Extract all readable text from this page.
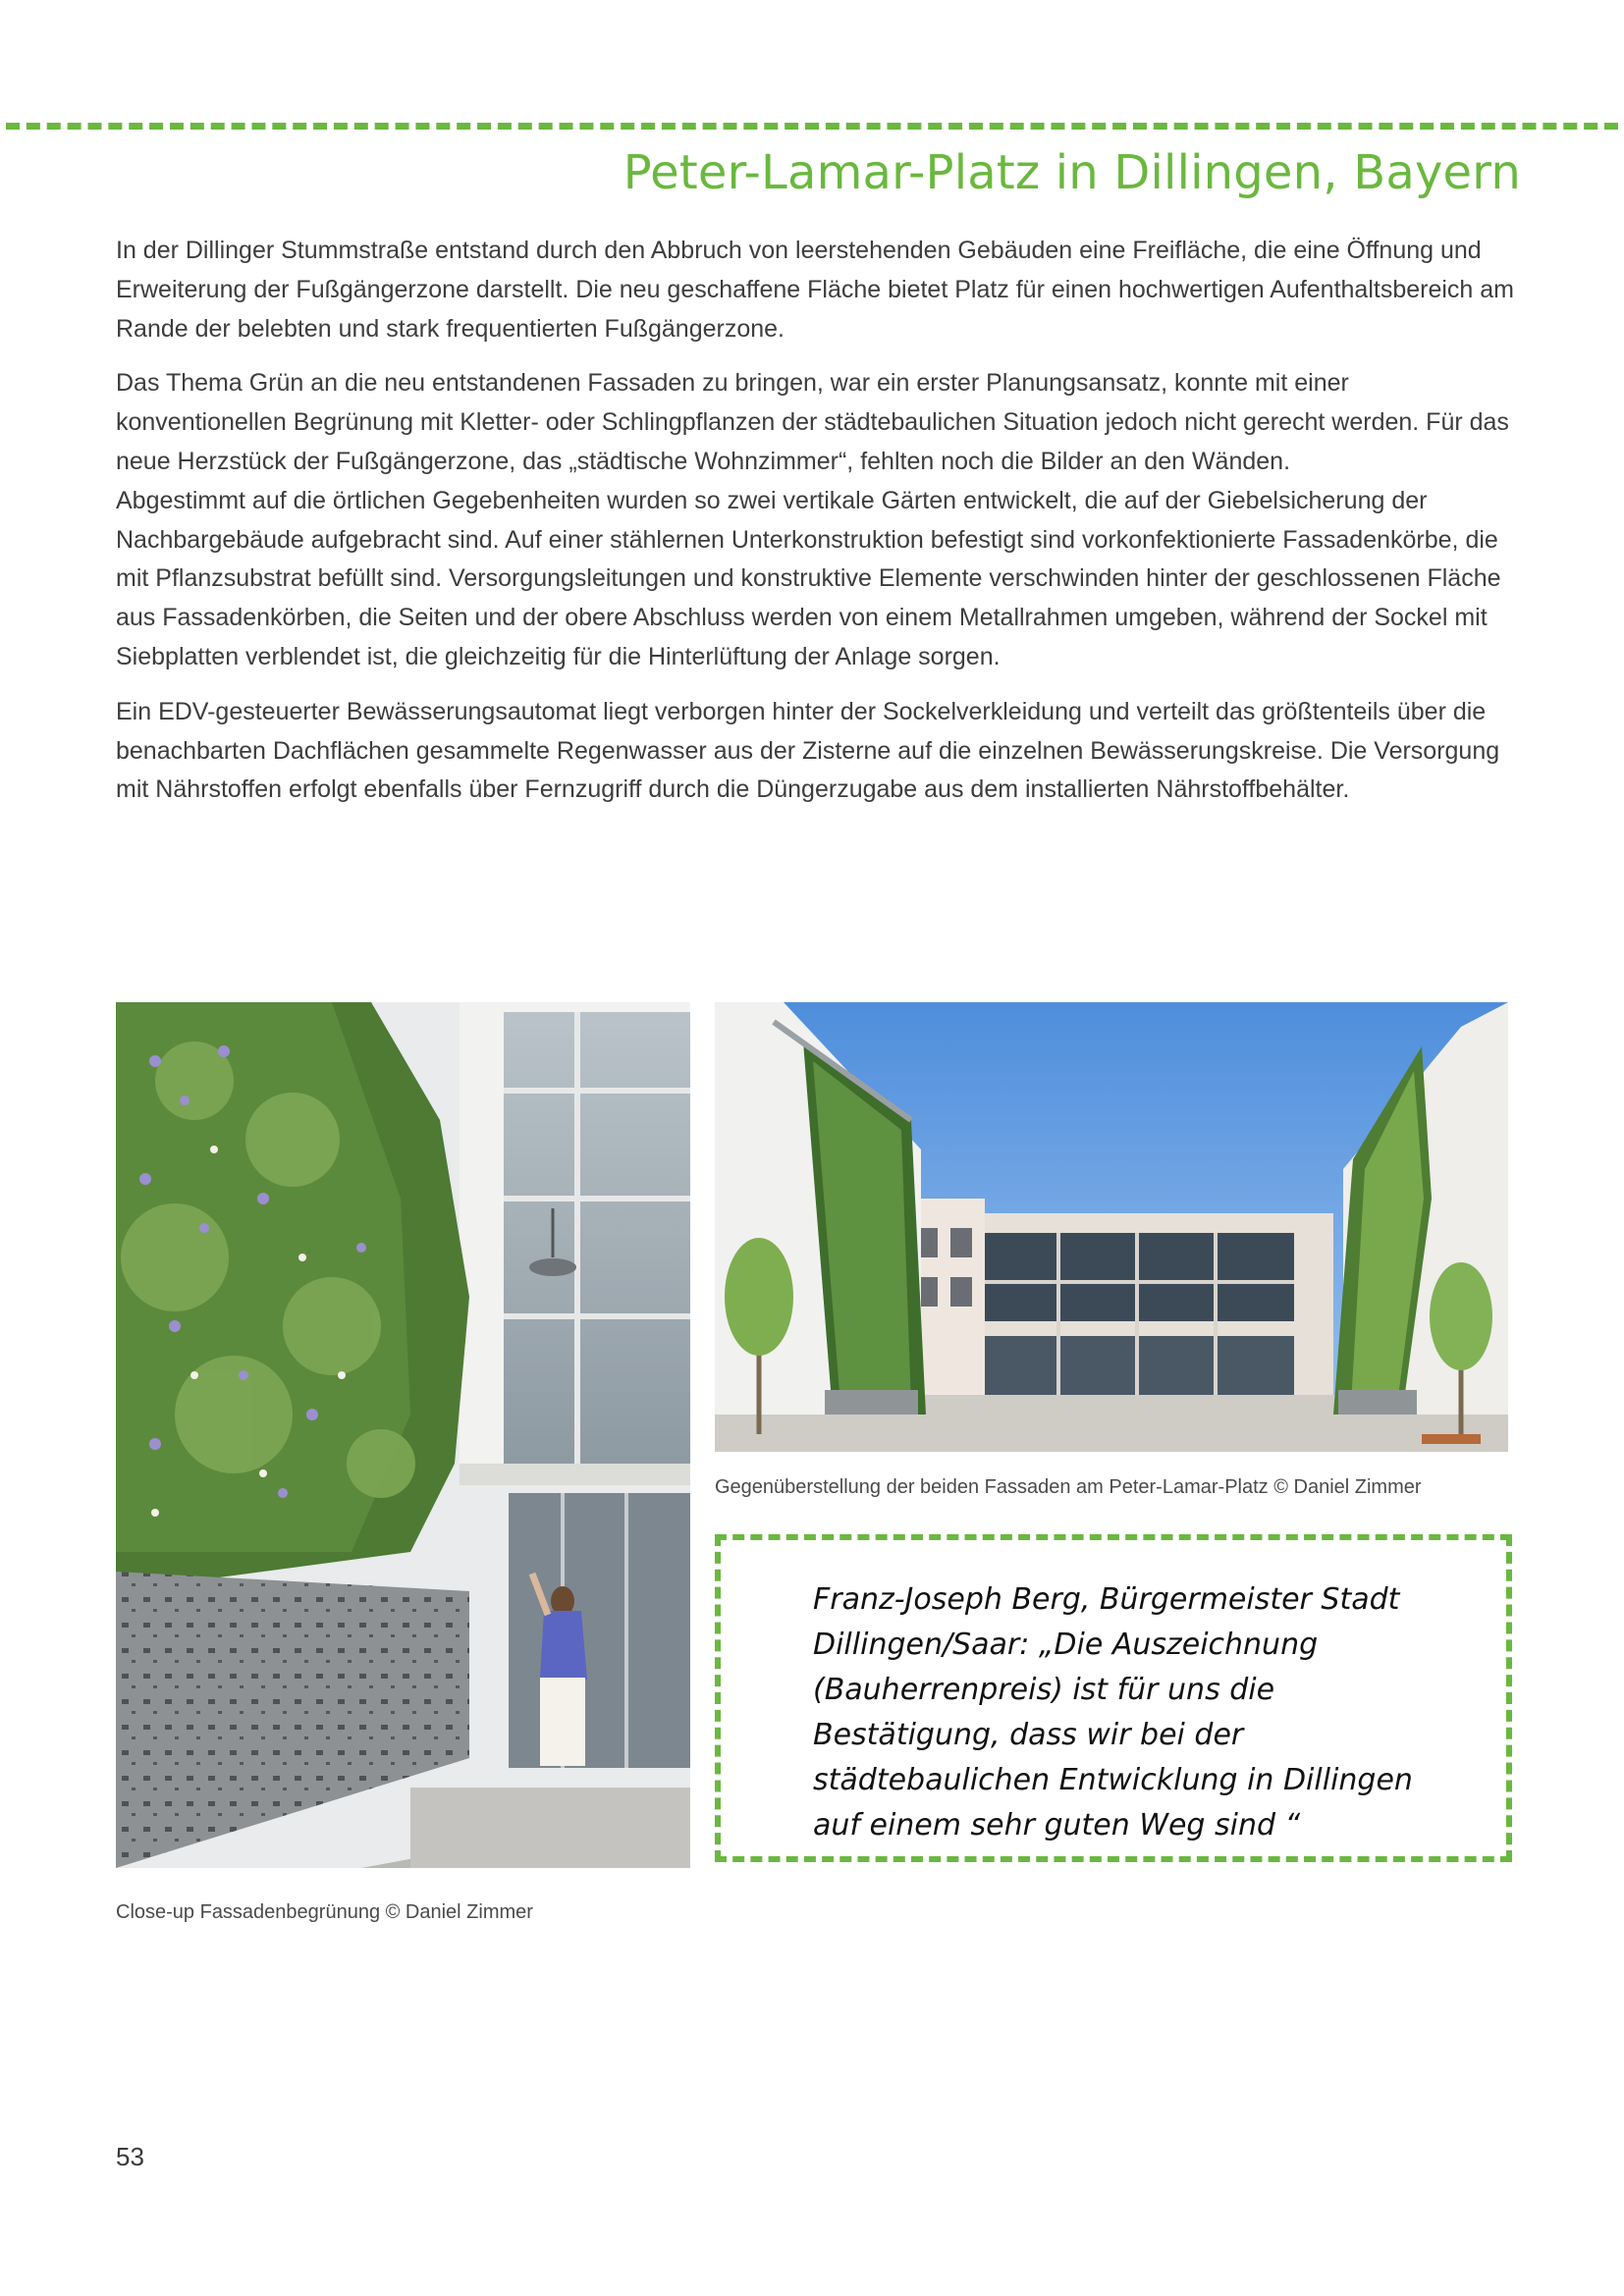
Peter-Lamar-Platz in Dillingen, Bayern

In der Dillinger Stummstraße entstand durch den Abbruch von leerstehenden Gebäuden eine Freifläche, die eine Öffnung und Erweiterung der Fußgängerzone darstellt. Die neu geschaffene Fläche bietet Platz für einen hochwertigen Aufenthaltsbereich am Rande der belebten und stark frequentierten Fußgängerzone.

Das Thema Grün an die neu entstandenen Fassaden zu bringen, war ein erster Planungsansatz, konnte mit einer konventionellen Begrünung mit Kletter- oder Schlingpflanzen der städtebaulichen Situation jedoch nicht gerecht werden. Für das neue Herzstück der Fußgängerzone, das „städtische Wohnzimmer“, fehlten noch die Bilder an den Wänden.

Abgestimmt auf die örtlichen Gegebenheiten wurden so zwei vertikale Gärten entwickelt, die auf der Giebelsicherung der Nachbargebäude aufgebracht sind. Auf einer stählernen Unterkonstruktion befestigt sind vorkonfektionierte Fassadenkörbe, die mit Pflanzsubstrat befüllt sind. Versorgungsleitungen und konstruktive Elemente verschwinden hinter der geschlossenen Fläche aus Fassadenkörben, die Seiten und der obere Abschluss werden von einem Metallrahmen umgeben, während der Sockel mit Siebplatten verblendet ist, die gleichzeitig für die Hinterlüftung der Anlage sorgen.

Ein EDV-gesteuerter Bewässerungsautomat liegt verborgen hinter der Sockelverkleidung und verteilt das größtenteils über die benachbarten Dachflächen gesammelte Regenwasser aus der Zisterne auf die einzelnen Bewässerungskreise. Die Versorgung mit Nährstoffen erfolgt ebenfalls über Fernzugriff durch die Düngerzugabe aus dem installierten Nährstoffbehälter.

Gegenüberstellung der beiden Fassaden am Peter-Lamar-Platz © Daniel Zimmer
Franz-Joseph Berg, Bürgermeister Stadt Dillingen/Saar: „Die Auszeichnung (Bauherrenpreis) ist für uns die Bestätigung, dass wir bei der städtebaulichen Entwicklung in Dillingen auf einem sehr guten Weg sind “
Close-up Fassadenbegrünung © Daniel Zimmer
53
